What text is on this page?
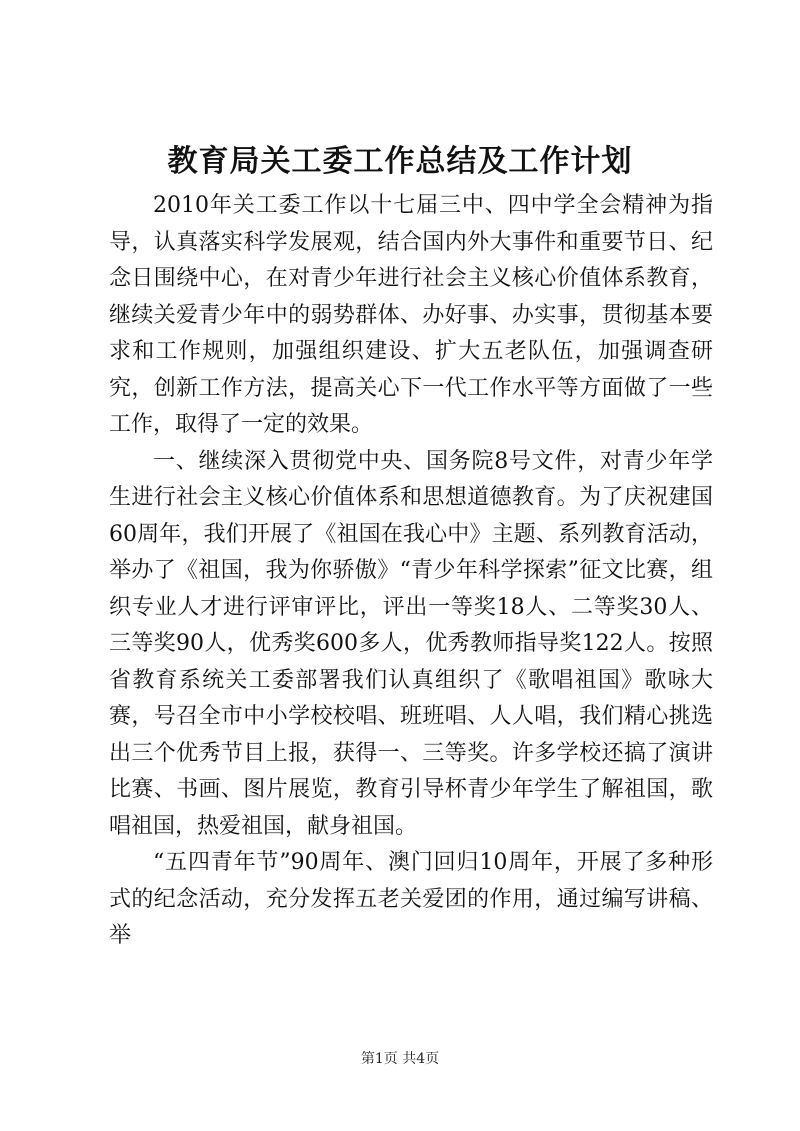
教育局关工委工作总结及工作计划

2010年关工委工作以十七届三中、四中学全会精神为指导，认真落实科学发展观，结合国内外大事件和重要节日、纪念日围绕中心，在对青少年进行社会主义核心价值体系教育，继续关爱青少年中的弱势群体、办好事、办实事，贯彻基本要求和工作规则，加强组织建设、扩大五老队伍，加强调查研究，创新工作方法，提高关心下一代工作水平等方面做了一些工作，取得了一定的效果。

一、继续深入贯彻党中央、国务院8号文件，对青少年学生进行社会主义核心价值体系和思想道德教育。为了庆祝建国60周年，我们开展了《祖国在我心中》主题、系列教育活动，举办了《祖国，我为你骄傲》“青少年科学探索”征文比赛，组织专业人才进行评审评比，评出一等奖18人、二等奖30人、三等奖90人，优秀奖600多人，优秀教师指导奖122人。按照省教育系统关工委部署我们认真组织了《歌唱祖国》歌咏大赛，号召全市中小学校校唱、班班唱、人人唱，我们精心挑选出三个优秀节目上报，获得一、三等奖。许多学校还搞了演讲比赛、书画、图片展览，教育引导杯青少年学生了解祖国，歌唱祖国，热爱祖国，献身祖国。

“五四青年节”90周年、澳门回归10周年，开展了多种形式的纪念活动，充分发挥五老关爱团的作用，通过编写讲稿、举

第1页 共4页
